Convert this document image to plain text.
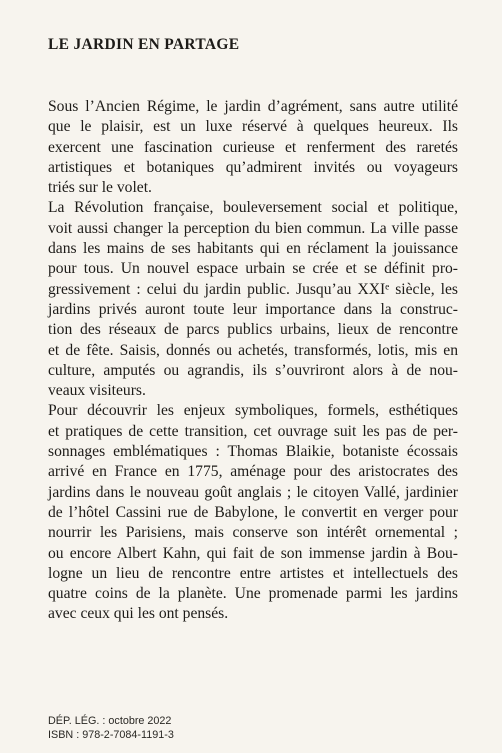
LE JARDIN EN PARTAGE

Sous l’Ancien Régime, le jardin d’agrément, sans autre utilité
que le plaisir, est un luxe réservé à quelques heureux. Ils
exercent une fascination curieuse et renferment des raretés
artistiques et botaniques qu’admirent invités ou voyageurs
triés sur le volet.

La Révolution française, bouleversement social et politique,
voit aussi changer la perception du bien commun. La ville passe
dans les mains de ses habitants qui en réclament la jouissance
pour tous. Un nouvel espace urbain se crée et se définit pro-
gressivement : celui du jardin public. Jusqu’au XXIᵉ siècle, les
jardins privés auront toute leur importance dans la construc-
tion des réseaux de parcs publics urbains, lieux de rencontre
et de fête. Saisis, donnés ou achetés, transformés, lotis, mis en
culture, amputés ou agrandis, ils s’ouvriront alors à de nou-
veaux visiteurs.

Pour découvrir les enjeux symboliques, formels, esthétiques
et pratiques de cette transition, cet ouvrage suit les pas de per-
sonnages emblématiques : Thomas Blaikie, botaniste écossais
arrivé en France en 1775, aménage pour des aristocrates des
jardins dans le nouveau goût anglais ; le citoyen Vallé, jardinier
de l’hôtel Cassini rue de Babylone, le convertit en verger pour
nourrir les Parisiens, mais conserve son intérêt ornemental ;
ou encore Albert Kahn, qui fait de son immense jardin à Bou-
logne un lieu de rencontre entre artistes et intellectuels des
quatre coins de la planète. Une promenade parmi les jardins
avec ceux qui les ont pensés.

DÉP. LÉG. : octobre 2022
ISBN : 978-2-7084-1191-3
